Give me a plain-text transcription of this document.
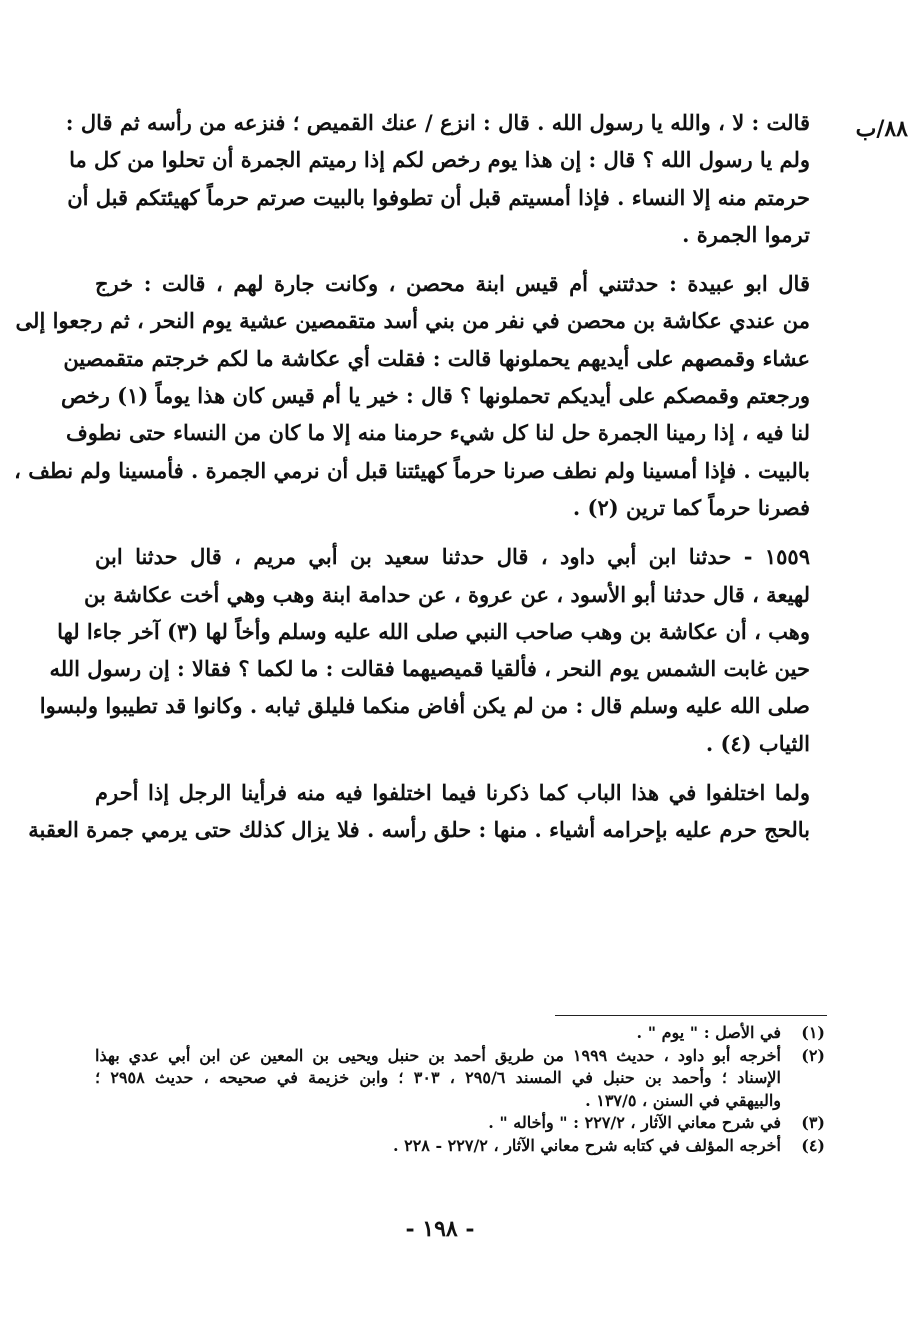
٨٨/ب
قالت : لا ، والله يا رسول الله . قال : انزع / عنك القميص ؛ فنزعه من رأسه ثم قال :
ولم يا رسول الله ؟ قال : إن هذا يوم رخص لكم إذا رميتم الجمرة أن تحلوا من كل ما
حرمتم منه إلا النساء . فإذا أمسيتم قبل أن تطوفوا بالبيت صرتم حرماً كهيئتكم قبل أن
ترموا الجمرة .
قال ابو عبيدة : حدثتني أم قيس ابنة محصن ، وكانت جارة لهم ، قالت : خرج
من عندي عكاشة بن محصن في نفر من بني أسد متقمصين عشية يوم النحر ، ثم رجعوا إلى
عشاء وقمصهم على أيديهم يحملونها قالت : فقلت أي عكاشة ما لكم خرجتم متقمصين
ورجعتم وقمصكم على أيديكم تحملونها ؟ قال : خير يا أم قيس كان هذا يوماً (١) رخص
لنا فيه ، إذا رمينا الجمرة حل لنا كل شيء حرمنا منه إلا ما كان من النساء حتى نطوف
بالبيت . فإذا أمسينا ولم نطف صرنا حرماً كهيئتنا قبل أن نرمي الجمرة . فأمسينا ولم نطف ،
فصرنا حرماً كما ترين (٢) .
١٥٥٩ - حدثنا ابن أبي داود ، قال حدثنا سعيد بن أبي مريم ، قال حدثنا ابن
لهيعة ، قال حدثنا أبو الأسود ، عن عروة ، عن حدامة ابنة وهب وهي أخت عكاشة بن
وهب ، أن عكاشة بن وهب صاحب النبي صلى الله عليه وسلم وأخاً لها (٣) آخر جاءا لها
حين غابت الشمس يوم النحر ، فألقيا قميصيهما فقالت : ما لكما ؟ فقالا : إن رسول الله
صلى الله عليه وسلم قال : من لم يكن أفاض منكما فليلق ثيابه . وكانوا قد تطيبوا ولبسوا
الثياب (٤) .
ولما اختلفوا في هذا الباب كما ذكرنا فيما اختلفوا فيه منه فرأينا الرجل إذا أحرم
بالحج حرم عليه بإحرامه أشياء . منها : حلق رأسه . فلا يزال كذلك حتى يرمي جمرة العقبة
(١)
في الأصل : " يوم " .
(٢)
أخرجه أبو داود ، حديث ١٩٩٩ من طريق أحمد بن حنبل ويحيى بن المعين عن ابن أبي عدي بهذا
الإسناد ؛ وأحمد بن حنبل في المسند ٢٩٥/٦ ، ٣٠٣ ؛ وابن خزيمة في صحيحه ، حديث ٢٩٥٨ ؛
والبيهقي في السنن ، ١٣٧/٥ .
(٣)
في شرح معاني الآثار ، ٢٢٧/٢ : " وأخاله " .
(٤)
أخرجه المؤلف في كتابه شرح معاني الآثار ، ٢٢٧/٢ - ٢٢٨ .
- ١٩٨ -
